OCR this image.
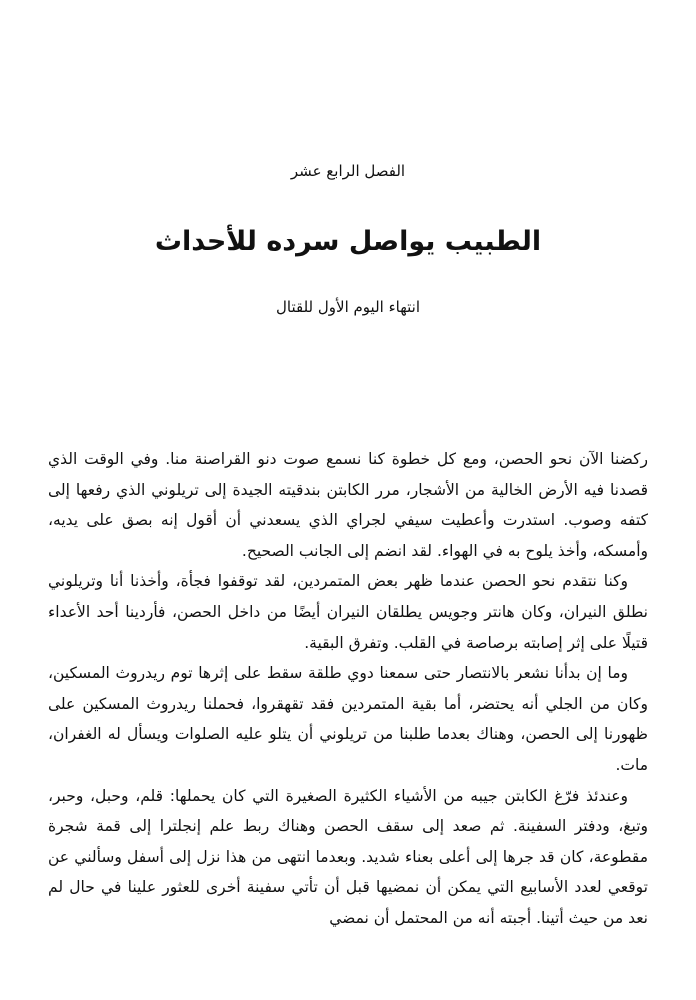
الفصل الرابع عشر
الطبيب يواصل سرده للأحداث
انتهاء اليوم الأول للقتال

ركضنا الآن نحو الحصن، ومع كل خطوة كنا نسمع صوت دنو القراصنة منا. وفي الوقت الذي قصدنا فيه الأرض الخالية من الأشجار، مرر الكابتن بندقيته الجيدة إلى تريلوني الذي رفعها إلى كتفه وصوب. استدرت وأعطيت سيفي لجراي الذي يسعدني أن أقول إنه بصق على يديه، وأمسكه، وأخذ يلوح به في الهواء. لقد انضم إلى الجانب الصحيح.

وكنا نتقدم نحو الحصن عندما ظهر بعض المتمردين، لقد توقفوا فجأة، وأخذنا أنا وتريلوني نطلق النيران، وكان هانتر وجويس يطلقان النيران أيضًا من داخل الحصن، فأردينا أحد الأعداء قتيلًا على إثر إصابته برصاصة في القلب. وتفرق البقية.

وما إن بدأنا نشعر بالانتصار حتى سمعنا دوي طلقة سقط على إثرها توم ريدروث المسكين، وكان من الجلي أنه يحتضر، أما بقية المتمردين فقد تقهقروا، فحملنا ريدروث المسكين على ظهورنا إلى الحصن، وهناك بعدما طلبنا من تريلوني أن يتلو عليه الصلوات ويسأل له الغفران، مات.

وعندئذ فرّغ الكابتن جيبه من الأشياء الكثيرة الصغيرة التي كان يحملها: قلم، وحبل، وحبر، وتبغ، ودفتر السفينة. ثم صعد إلى سقف الحصن وهناك ربط علم إنجلترا إلى قمة شجرة مقطوعة، كان قد جرها إلى أعلى بعناء شديد. وبعدما انتهى من هذا نزل إلى أسفل وسألني عن توقعي لعدد الأسابيع التي يمكن أن نمضيها قبل أن تأتي سفينة أخرى للعثور علينا في حال لم نعد من حيث أتينا. أجبته أنه من المحتمل أن نمضي
